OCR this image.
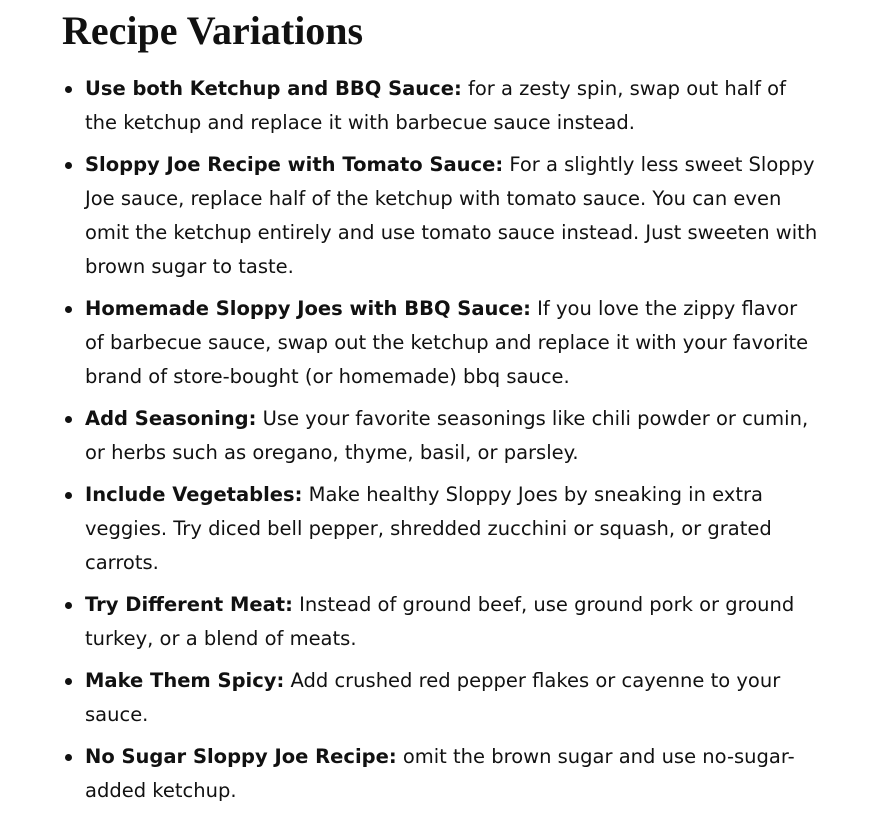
Recipe Variations
Use both Ketchup and BBQ Sauce: for a zesty spin, swap out half of the ketchup and replace it with barbecue sauce instead.
Sloppy Joe Recipe with Tomato Sauce: For a slightly less sweet Sloppy Joe sauce, replace half of the ketchup with tomato sauce. You can even omit the ketchup entirely and use tomato sauce instead. Just sweeten with brown sugar to taste.
Homemade Sloppy Joes with BBQ Sauce: If you love the zippy flavor of barbecue sauce, swap out the ketchup and replace it with your favorite brand of store-bought (or homemade) bbq sauce.
Add Seasoning: Use your favorite seasonings like chili powder or cumin, or herbs such as oregano, thyme, basil, or parsley.
Include Vegetables: Make healthy Sloppy Joes by sneaking in extra veggies. Try diced bell pepper, shredded zucchini or squash, or grated carrots.
Try Different Meat: Instead of ground beef, use ground pork or ground turkey, or a blend of meats.
Make Them Spicy: Add crushed red pepper flakes or cayenne to your sauce.
No Sugar Sloppy Joe Recipe: omit the brown sugar and use no-sugar-added ketchup.
